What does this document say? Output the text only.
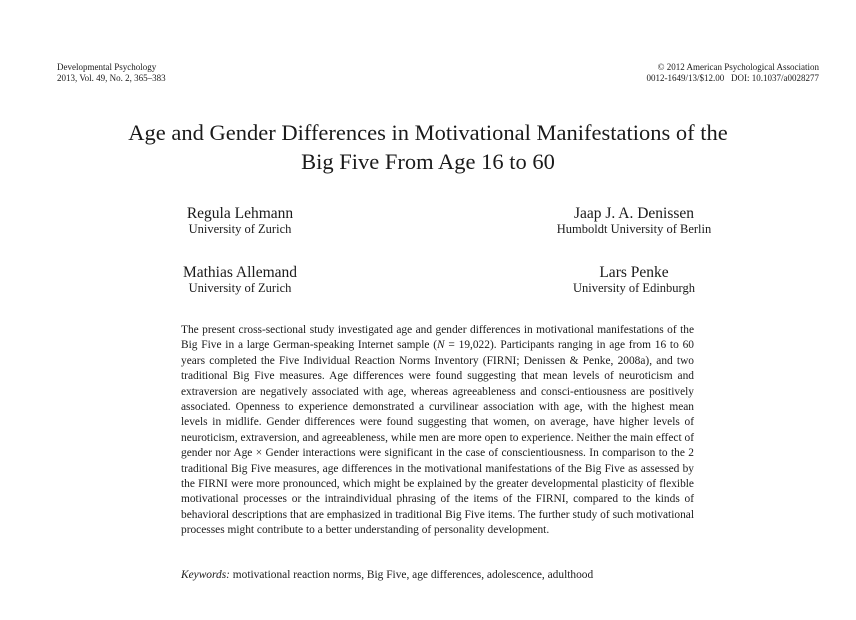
Developmental Psychology
2013, Vol. 49, No. 2, 365–383
© 2012 American Psychological Association
0012-1649/13/$12.00   DOI: 10.1037/a0028277
Age and Gender Differences in Motivational Manifestations of the
Big Five From Age 16 to 60
Regula Lehmann
University of Zurich
Jaap J. A. Denissen
Humboldt University of Berlin
Mathias Allemand
University of Zurich
Lars Penke
University of Edinburgh

The present cross-sectional study investigated age and gender differences in motivational manifestations of the Big Five in a large German-speaking Internet sample (N = 19,022). Participants ranging in age from 16 to 60 years completed the Five Individual Reaction Norms Inventory (FIRNI; Denissen & Penke, 2008a), and two traditional Big Five measures. Age differences were found suggesting that mean levels of neuroticism and extraversion are negatively associated with age, whereas agreeableness and consci-entiousness are positively associated. Openness to experience demonstrated a curvilinear association with age, with the highest mean levels in midlife. Gender differences were found suggesting that women, on average, have higher levels of neuroticism, extraversion, and agreeableness, while men are more open to experience. Neither the main effect of gender nor Age × Gender interactions were significant in the case of conscientiousness. In comparison to the 2 traditional Big Five measures, age differences in the motivational manifestations of the Big Five as assessed by the FIRNI were more pronounced, which might be explained by the greater developmental plasticity of flexible motivational processes or the intraindividual phrasing of the items of the FIRNI, compared to the kinds of behavioral descriptions that are emphasized in traditional Big Five items. The further study of such motivational processes might contribute to a better understanding of personality development.

Keywords: motivational reaction norms, Big Five, age differences, adolescence, adulthood
